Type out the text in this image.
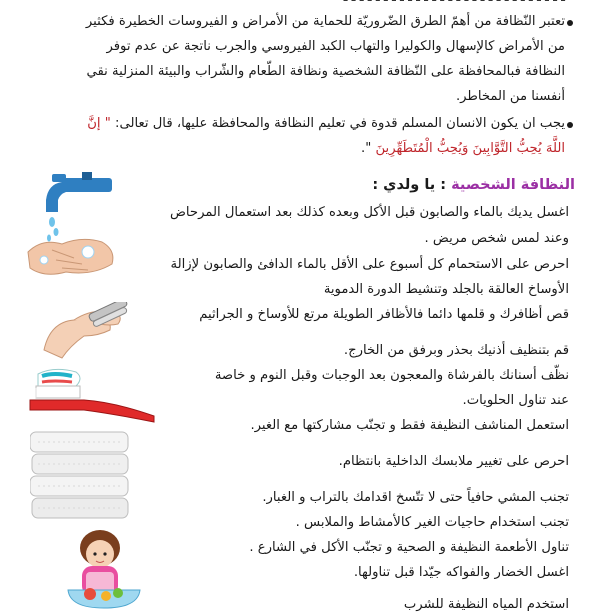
تعتبر النّظافة من أهمّ الطرق الضّروريّة للحماية من الأمراض و الفيروسات الخطيرة فكثير
من الأمراض كالإسهال والكوليرا والتهاب الكبد الفيروسي والجرب ناتجة عن عدم توفر
النظافة فبالمحافظة على النّظافة الشخصية ونظافة الطّعام والشّراب والبيئة المنزلية نقي
أنفسنا من المخاطر.
يجب ان يكون الانسان المسلم قدوة في تعليم النظافة والمحافظة عليها، قال تعالى: " إنَّ
اللَّهَ يُحِبُّ التَّوَّابِينَ وَيُحِبُّ الْمُتَطَهِّرِينَ ".
النظافة الشخصية : يا ولدي :
اغسل يديك بالماء والصابون قبل الأكل وبعده كذلك بعد استعمال المرحاض
وعند لمس شخص مريض .
احرص على الاستحمام كل أسبوع على الأقل بالماء الدافئ والصابون لإزالة
الأوساخ العالقة بالجلد وتنشيط الدورة الدموية
قص أظافرك و قلمها دائما فالأظافر الطويلة مرتع للأوساخ و الجراثيم
قم بتنظيف أذنيك بحذر وبرفق من الخارج.
نظّف أسنانك بالفرشاة والمعجون بعد الوجبات وقبل النوم و خاصة
عند تناول الحلويات.
استعمل المناشف النظيفة فقط و تجنّب مشاركتها مع الغير.
احرص على تغيير ملابسك الداخلية بانتظام.
تجنب المشي حافياً حتى لا تتّسخ اقدامك بالتراب و الغبار.
تجنب استخدام حاجيات الغير كالأمشاط والملابس .
تناول الأطعمة النظيفة و الصحية و تجنّب الأكل في الشارع .
اغسل الخضار والفواكه جيّدا قبل تناولها.
استخدم المياه النظيفة للشرب
